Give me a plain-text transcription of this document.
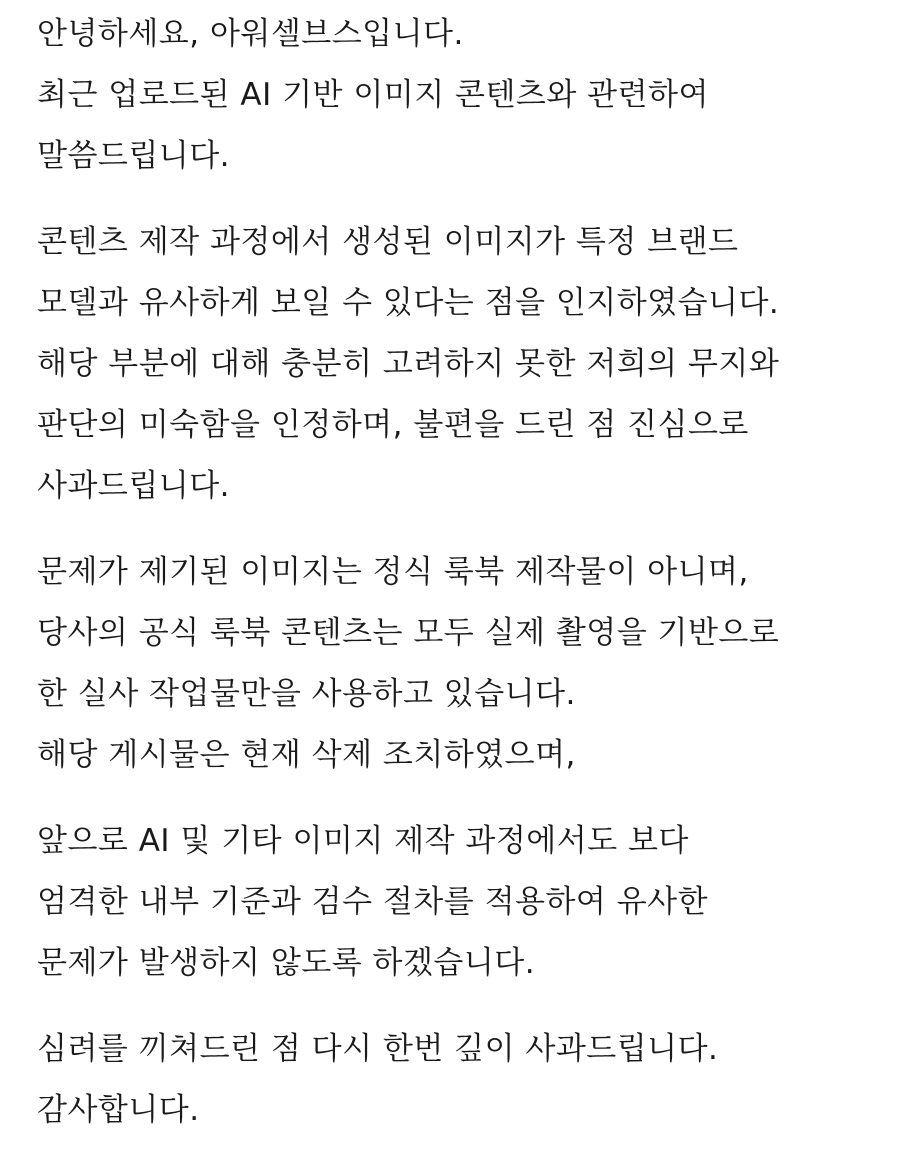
안녕하세요, 아워셀브스입니다.
최근 업로드된 AI 기반 이미지 콘텐츠와 관련하여
말씀드립니다.
콘텐츠 제작 과정에서 생성된 이미지가 특정 브랜드
모델과 유사하게 보일 수 있다는 점을 인지하였습니다.
해당 부분에 대해 충분히 고려하지 못한 저희의 무지와
판단의 미숙함을 인정하며, 불편을 드린 점 진심으로
사과드립니다.
문제가 제기된 이미지는 정식 룩북 제작물이 아니며,
당사의 공식 룩북 콘텐츠는 모두 실제 촬영을 기반으로
한 실사 작업물만을 사용하고 있습니다.
해당 게시물은 현재 삭제 조치하였으며,
앞으로 AI 및 기타 이미지 제작 과정에서도 보다
엄격한 내부 기준과 검수 절차를 적용하여 유사한
문제가 발생하지 않도록 하겠습니다.
심려를 끼쳐드린 점 다시 한번 깊이 사과드립니다.
감사합니다.
